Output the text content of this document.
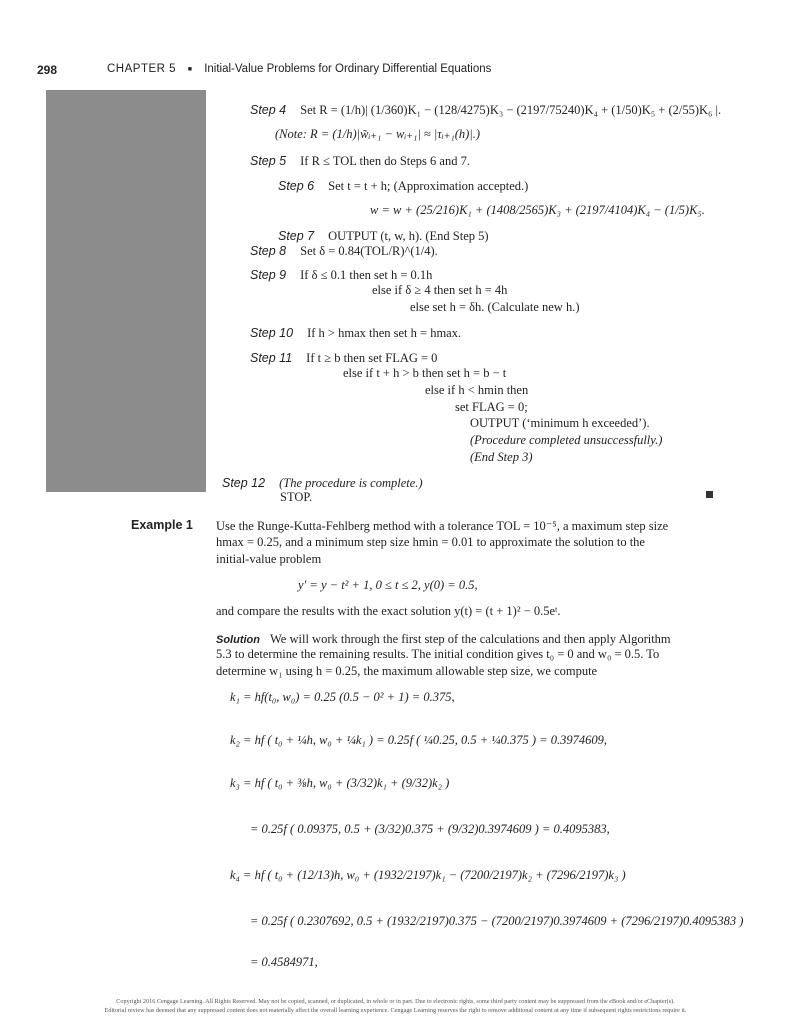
298	CHAPTER 5 ■ Initial-Value Problems for Ordinary Differential Equations
Step 4 Set R = (1/h)| (1/360)K₁ − (128/4275)K₃ − (2197/75240)K₄ + (1/50)K₅ + (2/55)K₆ |.
(Note: R = (1/h)|w̃ᵢ₊₁ − wᵢ₊₁| ≈ |τᵢ₊₁(h)|.)
Step 5 If R ≤ TOL then do Steps 6 and 7.
Step 6 Set t = t + h; (Approximation accepted.)
w = w + (25/216)K₁ + (1408/2565)K₃ + (2197/4104)K₄ − (1/5)K₅.
Step 7 OUTPUT (t, w, h). (End Step 5)
Step 8 Set δ = 0.84(TOL/R)^(1/4).
Step 9 If δ ≤ 0.1 then set h = 0.1h
else if δ ≥ 4 then set h = 4h
else set h = δh. (Calculate new h.)
Step 10 If h > hmax then set h = hmax.
Step 11 If t ≥ b then set FLAG = 0
else if t + h > b then set h = b − t
else if h < hmin then
set FLAG = 0;
OUTPUT (‘minimum h exceeded’).
(Procedure completed unsuccessfully.)
(End Step 3)
Step 12 (The procedure is complete.)
STOP.
Example 1 Use the Runge-Kutta-Fehlberg method with a tolerance TOL = 10⁻⁵, a maximum step size
hmax = 0.25, and a minimum step size hmin = 0.01 to approximate the solution to the
initial-value problem
y′ = y − t² + 1, 0 ≤ t ≤ 2, y(0) = 0.5,
and compare the results with the exact solution y(t) = (t + 1)² − 0.5eᵗ.
Solution We will work through the first step of the calculations and then apply Algorithm
5.3 to determine the remaining results. The initial condition gives t₀ = 0 and w₀ = 0.5. To
determine w₁ using h = 0.25, the maximum allowable step size, we compute
k₁ = hf(t₀, w₀) = 0.25 (0.5 − 0² + 1) = 0.375,
k₂ = hf ( t₀ + ¼h, w₀ + ¼k₁ ) = 0.25f ( ¼0.25, 0.5 + ¼0.375 ) = 0.3974609,
k₃ = hf ( t₀ + ⅜h, w₀ + (3/32)k₁ + (9/32)k₂ )
= 0.25f ( 0.09375, 0.5 + (3/32)0.375 + (9/32)0.3974609 ) = 0.4095383,
k₄ = hf ( t₀ + (12/13)h, w₀ + (1932/2197)k₁ − (7200/2197)k₂ + (7296/2197)k₃ )
= 0.25f ( 0.2307692, 0.5 + (1932/2197)0.375 − (7200/2197)0.3974609 + (7296/2197)0.4095383 )
= 0.4584971,
Copyright 2016 Cengage Learning. All Rights Reserved. May not be copied, scanned, or duplicated, in whole or in part. Due to electronic rights, some third party content may be suppressed from the eBook and/or eChapter(s).
Editorial review has deemed that any suppressed content does not materially affect the overall learning experience. Cengage Learning reserves the right to remove additional content at any time if subsequent rights restrictions require it.
